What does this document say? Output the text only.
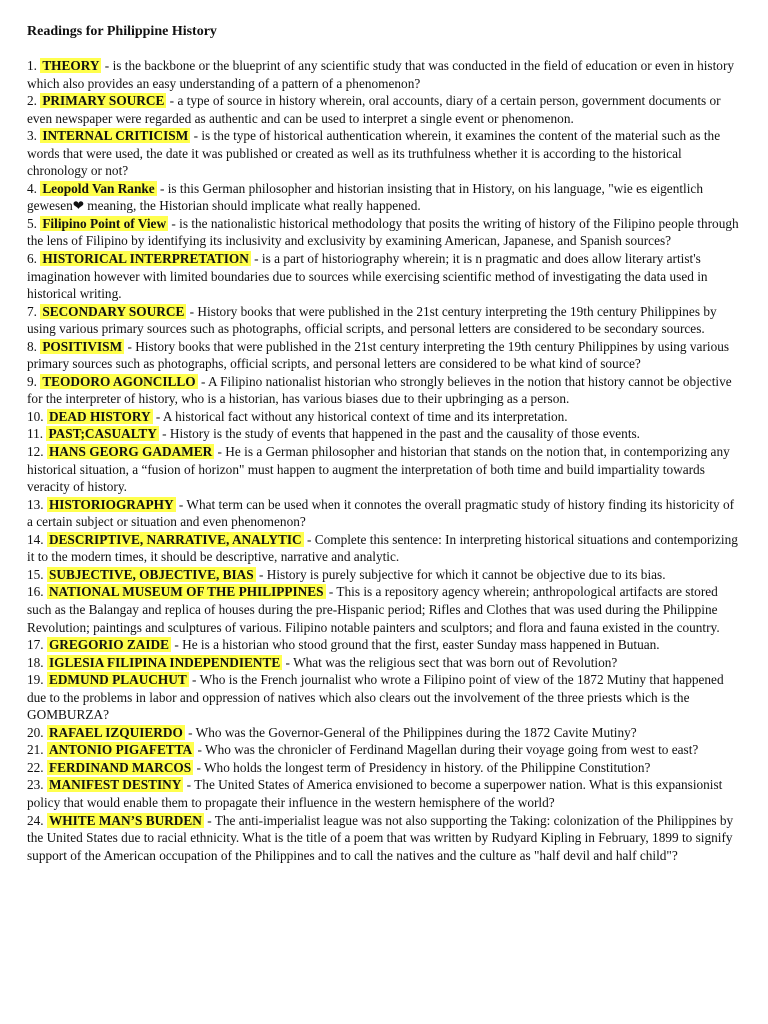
Readings for Philippine History

1. THEORY - is the backbone or the blueprint of any scientific study that was conducted in the field of education or even in history which also provides an easy understanding of a pattern of a phenomenon?
2. PRIMARY SOURCE - a type of source in history wherein, oral accounts, diary of a certain person, government documents or even newspaper were regarded as authentic and can be used to interpret a single event or phenomenon.
3. INTERNAL CRITICISM - is the type of historical authentication wherein, it examines the content of the material such as the words that were used, the date it was published or created as well as its truthfulness whether it is according to the historical chronology or not?
4. Leopold Van Ranke - is this German philosopher and historian insisting that in History, on his language, "wie es eigentlich gewesen❤ meaning, the Historian should implicate what really happened.
5. Filipino Point of View - is the nationalistic historical methodology that posits the writing of history of the Filipino people through the lens of Filipino by identifying its inclusivity and exclusivity by examining American, Japanese, and Spanish sources?
6. HISTORICAL INTERPRETATION - is a part of historiography wherein; it is n pragmatic and does allow literary artist's imagination however with limited boundaries due to sources while exercising scientific method of investigating the data used in historical writing.
7. SECONDARY SOURCE - History books that were published in the 21st century interpreting the 19th century Philippines by using various primary sources such as photographs, official scripts, and personal letters are considered to be secondary sources.
8. POSITIVISM - History books that were published in the 21st century interpreting the 19th century Philippines by using various primary sources such as photographs, official scripts, and personal letters are considered to be what kind of source?
9. TEODORO AGONCILLO - A Filipino nationalist historian who strongly believes in the notion that history cannot be objective for the interpreter of history, who is a historian, has various biases due to their upbringing as a person.
10. DEAD HISTORY - A historical fact without any historical context of time and its interpretation.
11. PAST;CASUALTY - History is the study of events that happened in the past and the causality of those events.
12. HANS GEORG GADAMER - He is a German philosopher and historian that stands on the notion that, in contemporizing any historical situation, a “fusion of horizon" must happen to augment the interpretation of both time and build impartiality towards veracity of history.
13. HISTORIOGRAPHY - What term can be used when it connotes the overall pragmatic study of history finding its historicity of a certain subject or situation and even phenomenon?
14. DESCRIPTIVE, NARRATIVE, ANALYTIC - Complete this sentence: In interpreting historical situations and contemporizing it to the modern times, it should be descriptive, narrative and analytic.
15. SUBJECTIVE, OBJECTIVE, BIAS - History is purely subjective for which it cannot be objective due to its bias.
16. NATIONAL MUSEUM OF THE PHILIPPINES - This is a repository agency wherein; anthropological artifacts are stored such as the Balangay and replica of houses during the pre-Hispanic period; Rifles and Clothes that was used during the Philippine Revolution; paintings and sculptures of various. Filipino notable painters and sculptors; and flora and fauna existed in the country.
17. GREGORIO ZAIDE - He is a historian who stood ground that the first, easter Sunday mass happened in Butuan.
18. IGLESIA FILIPINA INDEPENDIENTE - What was the religious sect that was born out of Revolution?
19. EDMUND PLAUCHUT - Who is the French journalist who wrote a Filipino point of view of the 1872 Mutiny that happened due to the problems in labor and oppression of natives which also clears out the involvement of the three priests which is the GOMBURZA?
20. RAFAEL IZQUIERDO - Who was the Governor-General of the Philippines during the 1872 Cavite Mutiny?
21. ANTONIO PIGAFETTA - Who was the chronicler of Ferdinand Magellan during their voyage going from west to east?
22. FERDINAND MARCOS - Who holds the longest term of Presidency in history. of the Philippine Constitution?
23. MANIFEST DESTINY - The United States of America envisioned to become a superpower nation. What is this expansionist policy that would enable them to propagate their influence in the western hemisphere of the world?
24. WHITE MAN’S BURDEN - The anti-imperialist league was not also supporting the Taking: colonization of the Philippines by the United States due to racial ethnicity. What is the title of a poem that was written by Rudyard Kipling in February, 1899 to signify support of the American occupation of the Philippines and to call the natives and the culture as "half devil and half child"?
